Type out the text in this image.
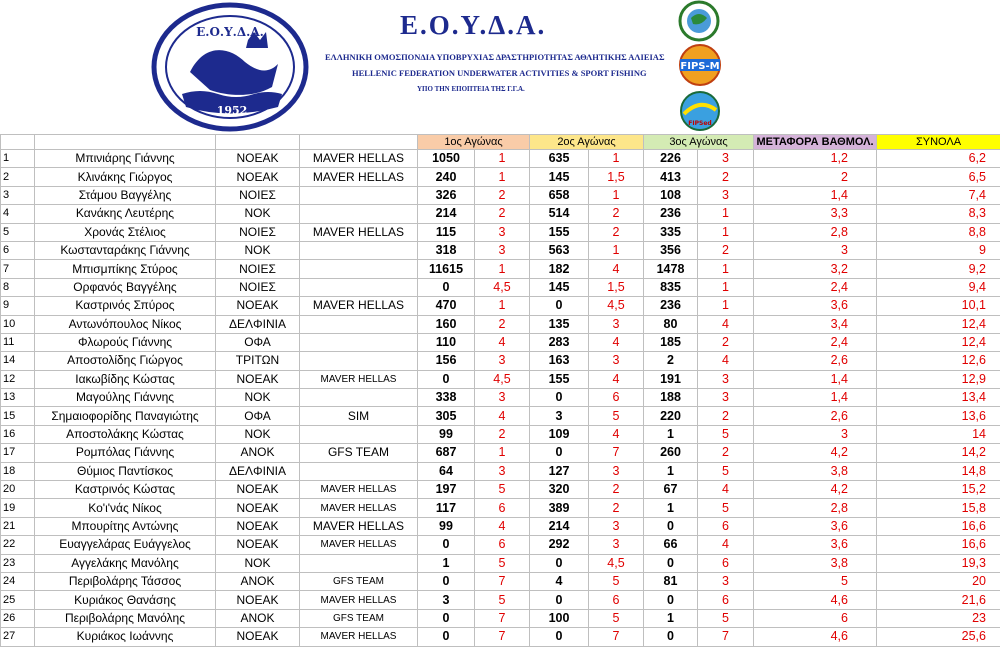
Ε.Ο.Υ.Δ.Α.
1952
Ε.Ο.Υ.Δ.Α.
ΕΛΛΗΝΙΚΗ ΟΜΟΣΠΟΝΔΙΑ ΥΠΟΒΡΥΧΙΑΣ ΔΡΑΣΤΗΡΙΟΤΗΤΑΣ ΑΘΛΗΤΙΚΗΣ ΑΛΙΕΙΑΣ
HELLENIC FEDERATION UNDERWATER ACTIVITIES & SPORT FISHING
ΥΠΟ ΤΗΝ ΕΠΟΠΤΕΙΑ ΤΗΣ Γ.Γ.Α.
FIPS-M
FIPSed
				1ος Αγώνας		2ος Αγώνας		3ος Αγώνας		ΜΕΤΑΦΟΡΑ ΒΑΘΜΟΛ.	ΣΥΝΟΛΑ
1	Μπινιάρης Γιάννης	ΝΟΕΑΚ	MAVER HELLAS	1050	1	635	1	226	3	1,2	6,2
2	Κλινάκης Γιώργος	ΝΟΕΑΚ	MAVER HELLAS	240	1	145	1,5	413	2	2	6,5
3	Στάμου Βαγγέλης	ΝΟΙΕΣ		326	2	658	1	108	3	1,4	7,4
4	Κανάκης Λευτέρης	ΝΟΚ		214	2	514	2	236	1	3,3	8,3
5	Χρονάς Στέλιος	ΝΟΙΕΣ	MAVER HELLAS	115	3	155	2	335	1	2,8	8,8
6	Κωστανταράκης Γιάννης	ΝΟΚ		318	3	563	1	356	2	3	9
7	Μπισμπίκης Στύρος	ΝΟΙΕΣ		11615	1	182	4	1478	1	3,2	9,2
8	Ορφανός Βαγγέλης	ΝΟΙΕΣ		0	4,5	145	1,5	835	1	2,4	9,4
9	Καστρινός Σπύρος	ΝΟΕΑΚ	MAVER HELLAS	470	1	0	4,5	236	1	3,6	10,1
10	Αντωνόπουλος Νίκος	ΔΕΛΦΙΝΙΑ		160	2	135	3	80	4	3,4	12,4
11	Φλωρούς Γιάννης	ΟΦΑ		110	4	283	4	185	2	2,4	12,4
14	Αποστολίδης Γιώργος	ΤΡΙΤΩΝ		156	3	163	3	2	4	2,6	12,6
12	Ιακωβίδης Κώστας	ΝΟΕΑΚ	MAVER HELLAS	0	4,5	155	4	191	3	1,4	12,9
13	Μαγούλης Γιάννης	ΝΟΚ		338	3	0	6	188	3	1,4	13,4
15	Σημαιοφορίδης Παναγιώτης	ΟΦΑ	SIM	305	4	3	5	220	2	2,6	13,6
16	Αποστολάκης Κώστας	ΝΟΚ		99	2	109	4	1	5	3	14
17	Ρομπόλας Γιάννης	ΑΝΟΚ	GFS TEAM	687	1	0	7	260	2	4,2	14,2
18	Θύμιος Παντίσκος	ΔΕΛΦΙΝΙΑ		64	3	127	3	1	5	3,8	14,8
20	Καστρινός Κώστας	ΝΟΕΑΚ	MAVER HELLAS	197	5	320	2	67	4	4,2	15,2
19	Κο'ι'νάς Νίκος	ΝΟΕΑΚ	MAVER HELLAS	117	6	389	2	1	5	2,8	15,8
21	Μπουρίτης Αντώνης	ΝΟΕΑΚ	MAVER HELLAS	99	4	214	3	0	6	3,6	16,6
22	Ευαγγελάρας Ευάγγελος	ΝΟΕΑΚ	MAVER HELLAS	0	6	292	3	66	4	3,6	16,6
23	Αγγελάκης Μανόλης	ΝΟΚ		1	5	0	4,5	0	6	3,8	19,3
24	Περιβολάρης Τάσσος	ΑΝΟΚ	GFS TEAM	0	7	4	5	81	3	5	20
25	Κυριάκος Θανάσης	ΝΟΕΑΚ	MAVER HELLAS	3	5	0	6	0	6	4,6	21,6
26	Περιβολάρης Μανόλης	ΑΝΟΚ	GFS TEAM	0	7	100	5	1	5	6	23
27	Κυριάκος Ιωάννης	ΝΟΕΑΚ	MAVER HELLAS	0	7	0	7	0	7	4,6	25,6
